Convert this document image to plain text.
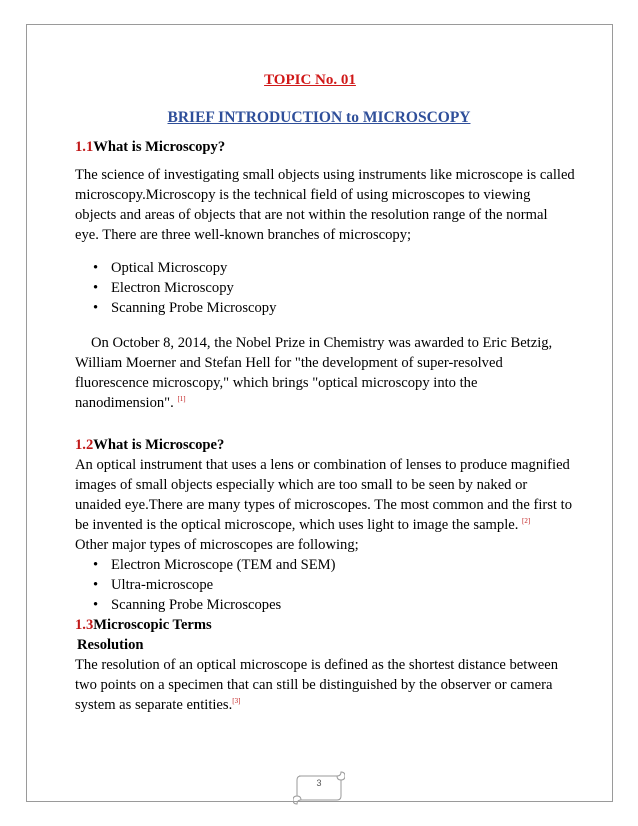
TOPIC No. 01
BRIEF INTRODUCTION to MICROSCOPY
1.1What is Microscopy?
The science of investigating small objects using instruments like microscope is called microscopy.Microscopy is the technical field of using microscopes to viewing objects and areas of objects that are not within the resolution range of the normal eye. There are three well-known branches of microscopy;
• Optical Microscopy
• Electron Microscopy
• Scanning Probe Microscopy
On October 8, 2014, the Nobel Prize in Chemistry was awarded to Eric Betzig, William Moerner and Stefan Hell for "the development of super-resolved fluorescence microscopy," which brings "optical microscopy into the nanodimension". [1]
1.2What is Microscope?
An optical instrument that uses a lens or combination of lenses to produce magnified images of small objects especially which are too small to be seen by naked or unaided eye.There are many types of microscopes. The most common and the first to be invented is the optical microscope, which uses light to image the sample. [2]
Other major types of microscopes are following;
• Electron Microscope (TEM and SEM)
• Ultra-microscope
• Scanning Probe Microscopes
1.3Microscopic Terms
Resolution
The resolution of an optical microscope is defined as the shortest distance between two points on a specimen that can still be distinguished by the observer or camera system as separate entities.[3]
3
